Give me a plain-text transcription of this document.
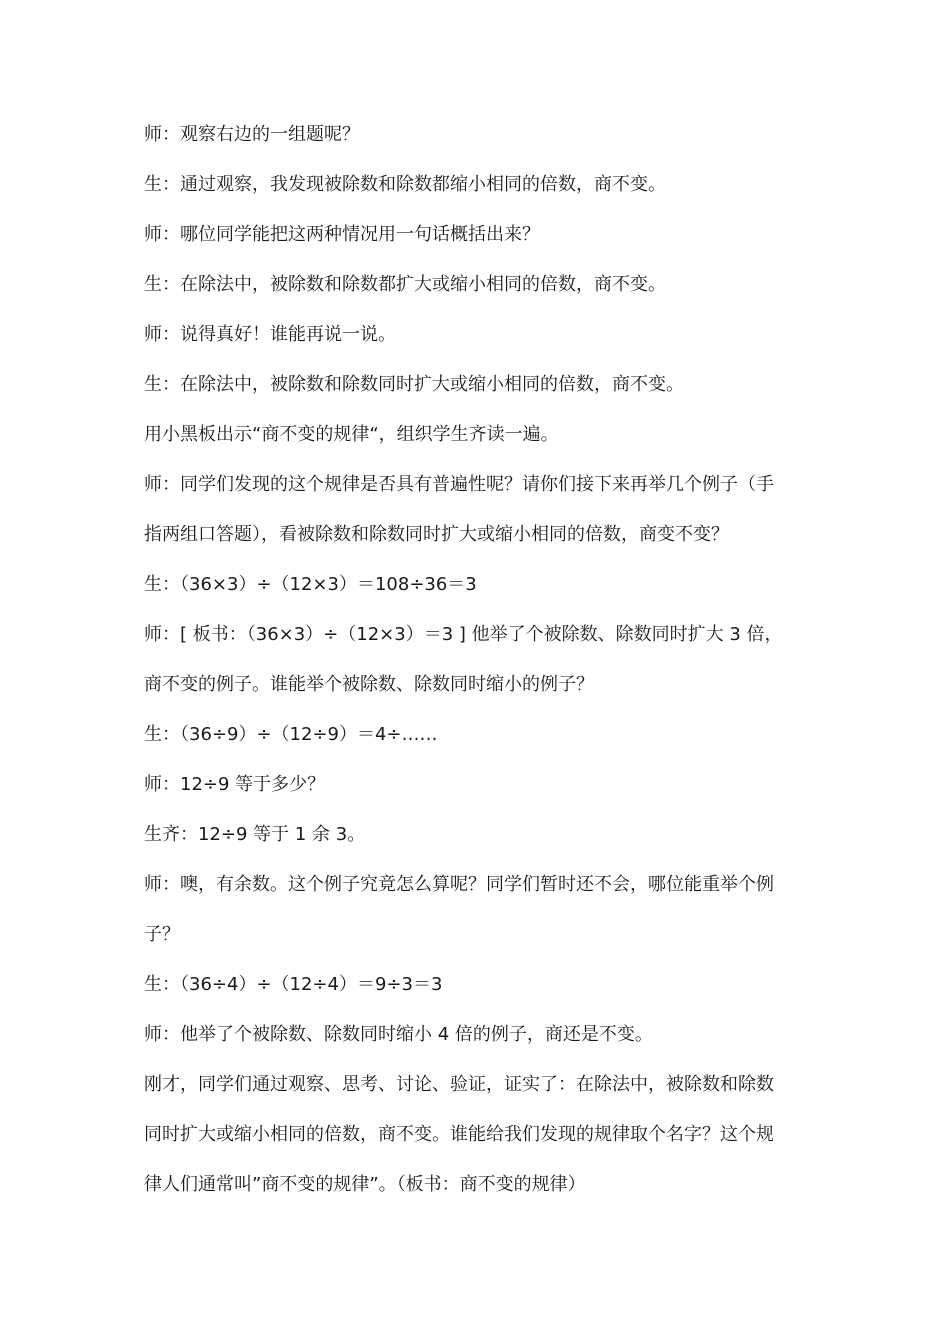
师：观察右边的一组题呢？
生：通过观察，我发现被除数和除数都缩小相同的倍数，商不变。
师：哪位同学能把这两种情况用一句话概括出来？
生：在除法中，被除数和除数都扩大或缩小相同的倍数，商不变。
师：说得真好！谁能再说一说。
生：在除法中，被除数和除数同时扩大或缩小相同的倍数，商不变。
用小黑板出示“商不变的规律“，组织学生齐读一遍。
师：同学们发现的这个规律是否具有普遍性呢？请你们接下来再举几个例子（手
指两组口答题），看被除数和除数同时扩大或缩小相同的倍数，商变不变？
生：（36×3）÷（12×3）＝108÷36＝3
师：[ 板书：（36×3）÷（12×3）＝3 ] 他举了个被除数、除数同时扩大 3 倍，
商不变的例子。谁能举个被除数、除数同时缩小的例子？
生：（36÷9）÷（12÷9）＝4÷……
师：12÷9 等于多少？
生齐：12÷9 等于 1 余 3。
师：噢，有余数。这个例子究竟怎么算呢？同学们暂时还不会，哪位能重举个例
子？
生：（36÷4）÷（12÷4）＝9÷3＝3
师：他举了个被除数、除数同时缩小 4 倍的例子，商还是不变。
刚才，同学们通过观察、思考、讨论、验证，证实了：在除法中，被除数和除数
同时扩大或缩小相同的倍数，商不变。谁能给我们发现的规律取个名字？这个规
律人们通常叫”商不变的规律”。（板书：商不变的规律）
